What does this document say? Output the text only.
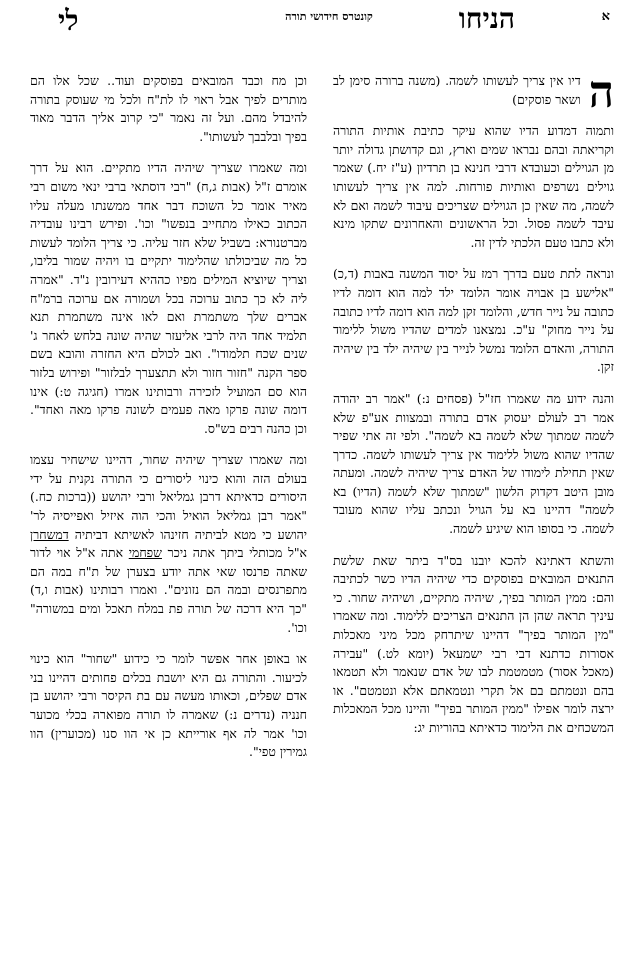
א
הניחו
קונטרס חידושי תורה
לי

ה
דיו אין צריך לעשותו לשמה. (משנה ברורה סימן לב ושאר פוסקים)

ותמוה דמדוע הדיו שהוא עיקר כתיבת אותיות התורה וקריאתה ובהם נבראו שמים וארץ, וגם קדושתן גדולה יותר מן הגוילים וכעובדא דרבי חנינא בן תרדיון (ע"ז יח.) שאמר גוילים נשרפים ואותיות פורחות. למה אין צריך לעשותו לשמה, מה שאין כן הגוילים שצריכים עיבוד לשמה ואם לא עיבד לשמה פסול. וכל הראשונים והאחרונים שתקו מינא ולא כתבו טעם הלכתי לדין זה.

ונראה לתת טעם בדרך רמז על יסוד המשנה באבות (ד,כ) "אלישע בן אבויה אומר הלומד ילד למה הוא דומה לדיו כתובה על נייר חדש, והלומד זקן למה הוא דומה לדיו כתובה על נייר מחוק" ע"כ. נמצאנו למדים שהדיו משול ללימוד התורה, והאדם הלומד נמשל לנייר בין שיהיה ילד בין שיהיה זקן.

והנה ידוע מה שאמרו חז"ל (פסחים נ:) "אמר רב יהודה אמר רב לעולם יעסוק אדם בתורה ובמצוות אע"פ שלא לשמה שמתוך שלא לשמה בא לשמה". ולפי זה אתי שפיר שהדיו שהוא משול ללימוד אין צריך לעשותו לשמה. כדרך שאין תחילת לימודו של האדם צריך שיהיה לשמה. ומעתה מובן היטב דקדוק הלשון "שמתוך שלא לשמה (הדיו) בא לשמה" דהיינו בא על הגויל ונכתב עליו שהוא מעובד לשמה. כי בסופו הוא שיגיע לשמה.

והשתא דאתינא להכא יובנו בס"ד ביתר שאת שלשת התנאים המובאים בפוסקים כדי שיהיה הדיו כשר לכתיבה והם: ממין המותר בפיך, שיהיה מתקיים, ושיהיה שחור. כי עיניך תראה שהן הן התנאים הצריכים ללימוד. ומה שאמרו "מין המותר בפיך" דהיינו שיתרחק מכל מיני מאכלות אסורות כדתנא דבי רבי ישמעאל (יומא לט.) "עבירה (מאכל אסור) מטמטמת לבו של אדם שנאמר ולא תטמאו בהם ונטמתם בם אל תקרי ונטמאתם אלא ונטמטם". או ירצה לומר אפילו "ממין המותר בפיך" והיינו מכל המאכלות המשכחים את הלימוד כדאיתא בהוריות יג:

וכן מח וכבד המובאים בפוסקים ועוד.. שכל אלו הם מותרים לפיך אבל ראוי לו לת"ח ולכל מי שעוסק בתורה להיבדל מהם. ועל זה נאמר "כי קרוב אליך הדבר מאוד בפיך ובלבבך לעשותו".

ומה שאמרו שצריך שיהיה הדיו מתקיים. הוא על דרך אומרם ז"ל (אבות ג,ח) "רבי דוסתאי ברבי ינאי משום רבי מאיר אומר כל השוכח דבר אחד ממשנתו מעלה עליו הכתוב כאילו מתחייב בנפשו" וכו'. ופירש רבינו עובדיה מברטנורא: בשביל שלא חזר עליה. כי צריך הלומד לעשות כל מה שביכולתו שהלימוד יתקיים בו ויהיה שמור בליבו, וצריך שיוציא המילים מפיו כההיא דעירובין נ"ד. "אמרה ליה לא כך כתוב ערוכה בכל ושמורה אם ערוכה ברמ"ח אברים שלך משתמרת ואם לאו אינה משתמרת תנא תלמיד אחד היה לרבי אליעזר שהיה שונה בלחש לאחר ג' שנים שכח תלמודו". ואב לכולם היא החזרה והובא בשם ספר הקנה "חזור חזור ולא תתצערך לבלזור" ופירוש בלזור הוא סם המועיל לזכירה ורבותינו אמרו (חגיגה ט:) אינו דומה שונה פרקו מאה פעמים לשונה פרקו מאה ואחד". וכן כהנה רבים בש"ס.

ומה שאמרו שצריך שיהיה שחור, דהיינו שישחיר עצמו בעולם הזה והוא כינוי ליסורים כי התורה נקנית על ידי היסורים כדאיתא דרבן גמליאל ורבי יהושע ((ברכות כח.) "אמר רבן גמליאל הואיל והכי הוה איזיל ואפייסיה לר' יהושע כי מטא לביתיה חזינהו לאשיתא דביתיה דמשחרן א"ל מכותלי ביתך אתה ניכר שפחמי אתה א"ל אוי לדור שאתה פרנסו שאי אתה יודע בצערן של ת"ח במה הם מתפרנסים ובמה הם נזונים". ואמרו רבותינו (אבות ו,ד) "כך היא דרכה של תורה פת במלח תאכל ומים במשורה" וכו'.

או באופן אחר אפשר לומר כי כידוע "שחור" הוא כינוי לכיעור. והתורה גם היא יושבת בכלים פחותים דהיינו בני אדם שפלים, וכאותו מעשה עם בת הקיסר ורבי יהושע בן חנניה (נדרים נ:) שאמרה לו תורה מפוארה בכלי מכוער וכו' אמר לה אף אורייתא כן אי הוו סנו (מכוערין) הוו גמירין טפי".
